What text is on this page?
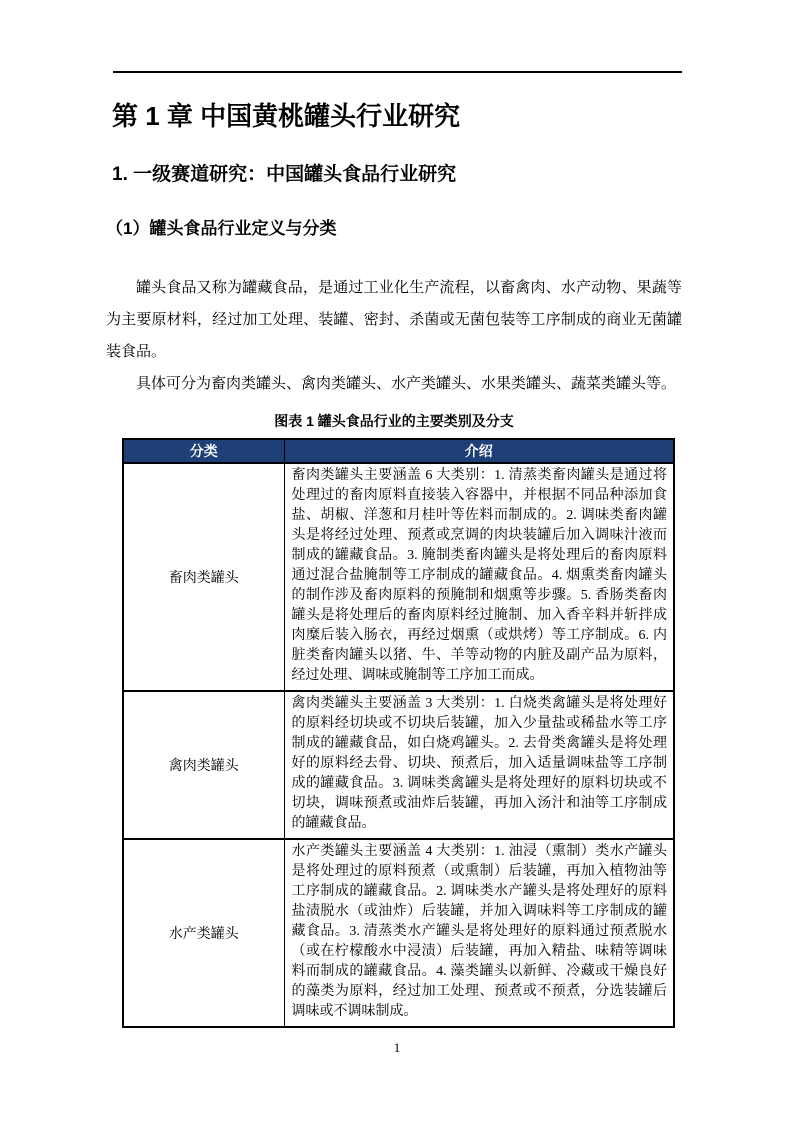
第 1 章 中国黄桃罐头行业研究
1. 一级赛道研究：中国罐头食品行业研究
（1）罐头食品行业定义与分类

罐头食品又称为罐藏食品，是通过工业化生产流程，以畜禽肉、水产动物、果蔬等为主要原材料，经过加工处理、装罐、密封、杀菌或无菌包装等工序制成的商业无菌罐装食品。

具体可分为畜肉类罐头、禽肉类罐头、水产类罐头、水果类罐头、蔬菜类罐头等。

图表 1 罐头食品行业的主要类别及分支
分类	介绍
畜肉类罐头	畜肉类罐头主要涵盖 6 大类别：1. 清蒸类畜肉罐头是通过将处理过的畜肉原料直接装入容器中，并根据不同品种添加食盐、胡椒、洋葱和月桂叶等佐料而制成的。2. 调味类畜肉罐头是将经过处理、预煮或烹调的肉块装罐后加入调味汁液而制成的罐藏食品。3. 腌制类畜肉罐头是将处理后的畜肉原料通过混合盐腌制等工序制成的罐藏食品。4. 烟熏类畜肉罐头的制作涉及畜肉原料的预腌制和烟熏等步骤。5. 香肠类畜肉罐头是将处理后的畜肉原料经过腌制、加入香辛料并斩拌成肉糜后装入肠衣，再经过烟熏（或烘烤）等工序制成。6. 内脏类畜肉罐头以猪、牛、羊等动物的内脏及副产品为原料，经过处理、调味或腌制等工序加工而成。
禽肉类罐头	禽肉类罐头主要涵盖 3 大类别：1. 白烧类禽罐头是将处理好的原料经切块或不切块后装罐，加入少量盐或稀盐水等工序制成的罐藏食品，如白烧鸡罐头。2. 去骨类禽罐头是将处理好的原料经去骨、切块、预煮后，加入适量调味盐等工序制成的罐藏食品。3. 调味类禽罐头是将处理好的原料切块或不切块，调味预煮或油炸后装罐，再加入汤汁和油等工序制成的罐藏食品。
水产类罐头	水产类罐头主要涵盖 4 大类别：1. 油浸（熏制）类水产罐头是将处理过的原料预煮（或熏制）后装罐，再加入植物油等工序制成的罐藏食品。2. 调味类水产罐头是将处理好的原料盐渍脱水（或油炸）后装罐，并加入调味料等工序制成的罐藏食品。3. 清蒸类水产罐头是将处理好的原料通过预煮脱水（或在柠檬酸水中浸渍）后装罐，再加入精盐、味精等调味料而制成的罐藏食品。4. 藻类罐头以新鲜、冷藏或干燥良好的藻类为原料，经过加工处理、预煮或不预煮，分选装罐后调味或不调味制成。
1
